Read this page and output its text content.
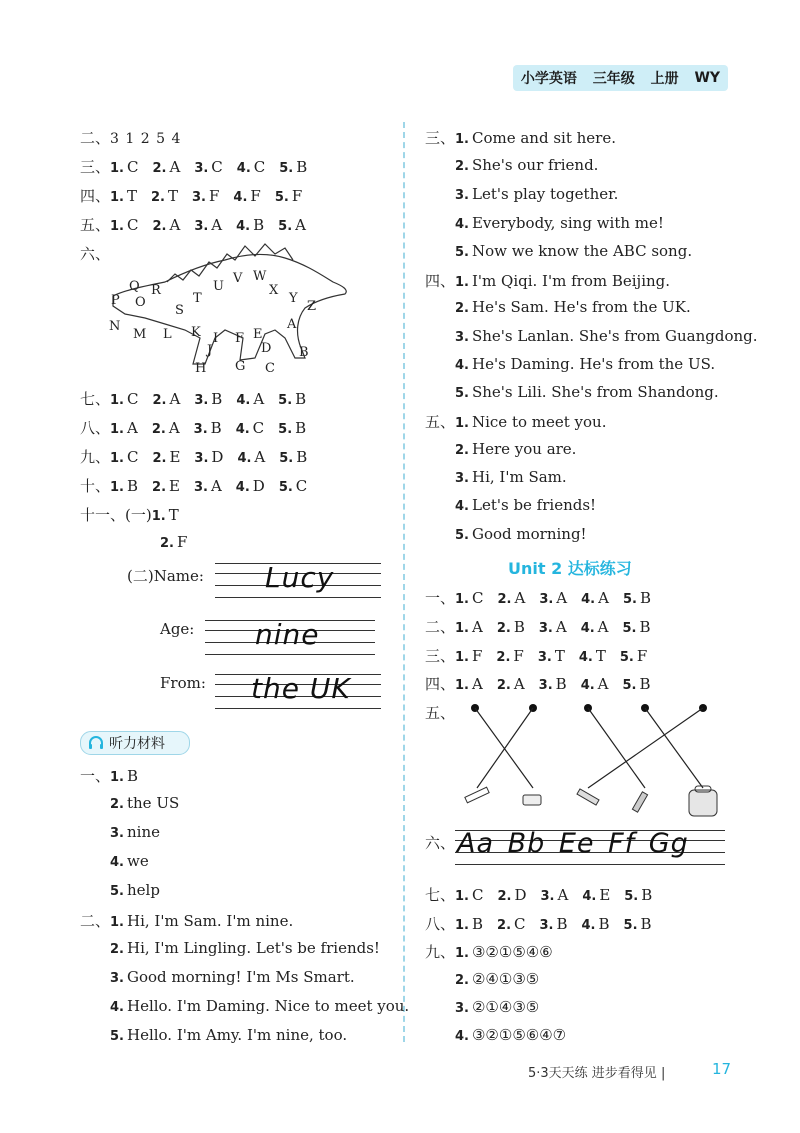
小学英语 三年级 上册 WY
二、 3 1 2 5 4
三、 1. C 2. A 3. C 4. C 5. B
四、 1. T 2. T 3. F 4. F 5. F
五、 1. C 2. A 3. A 4. B 5. A
六、
P
Q R
S
T
U
V W
X
Y
Z
O
N
M L K
J
I
H G
F E
D
C
B
A
七、 1. C 2. A 3. B 4. A 5. B
八、 1. A 2. A 3. B 4. C 5. B
九、 1. C 2. E 3. D 4. A 5. B
十、 1. B 2. E 3. A 4. D 5. C
十一、 (一) 1. T
2. F
(二) Name: Lucy
Age: nine
From: the UK
听力材料
一、 1. B
2. the US
3. nine
4. we
5. help
二、 1. Hi, I'm Sam. I'm nine.
2. Hi, I'm Lingling. Let's be friends!
3. Good morning! I'm Ms Smart.
4. Hello. I'm Daming. Nice to meet you.
5. Hello. I'm Amy. I'm nine, too.
三、 1. Come and sit here.
2. She's our friend.
3. Let's play together.
4. Everybody, sing with me!
5. Now we know the ABC song.
四、 1. I'm Qiqi. I'm from Beijing.
2. He's Sam. He's from the UK.
3. She's Lanlan. She's from Guangdong.
4. He's Daming. He's from the US.
5. She's Lili. She's from Shandong.
五、 1. Nice to meet you.
2. Here you are.
3. Hi, I'm Sam.
4. Let's be friends!
5. Good morning!
Unit 2 达标练习
一、 1. C 2. A 3. A 4. A 5. B
二、 1. A 2. B 3. A 4. A 5. B
三、 1. F 2. F 3. T 4. T 5. F
四、 1. A 2. A 3. B 4. A 5. B
五、
六、 Aa Bb Ee Ff Gg
七、 1. C 2. D 3. A 4. E 5. B
八、 1. B 2. C 3. B 4. B 5. B
九、 1. ③②①⑤④⑥
2. ②④①③⑤
3. ②①④③⑤
4. ③②①⑤⑥④⑦
5·3天天练 进步看得见 |	17
